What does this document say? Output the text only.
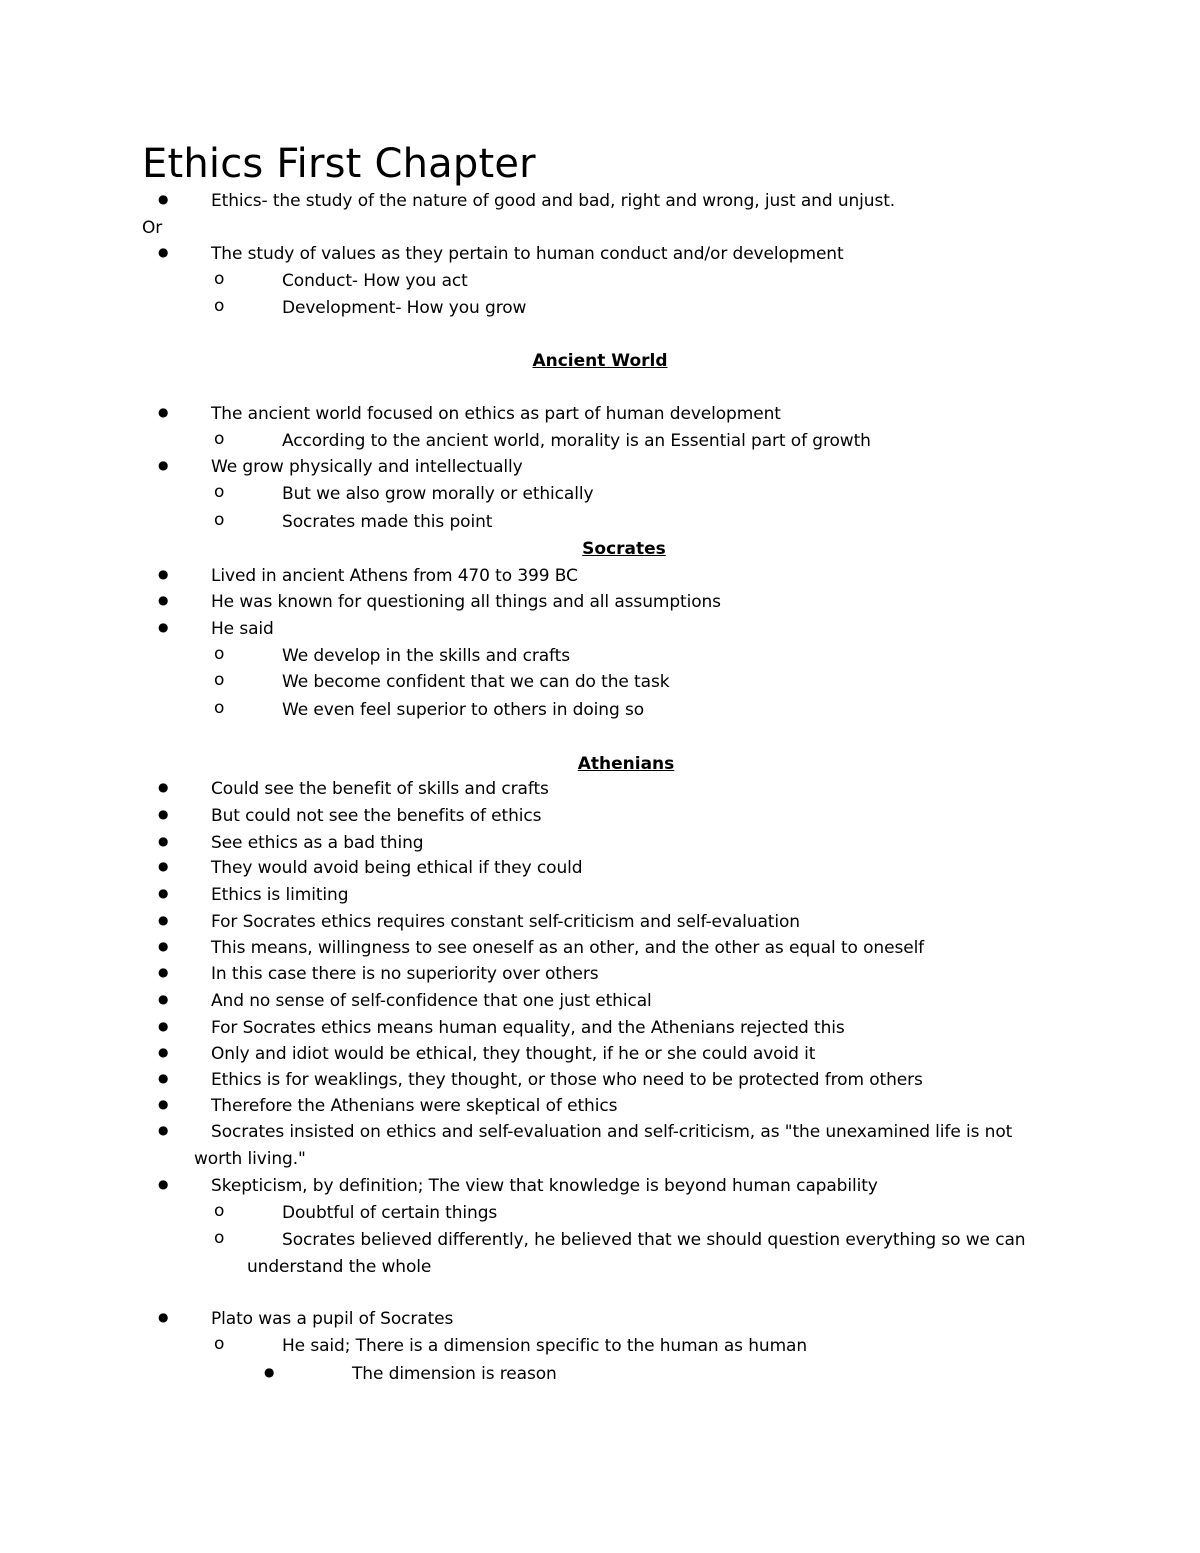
Ethics First Chapter
●	Ethics- the study of the nature of good and bad, right and wrong, just and unjust.
Or
●	The study of values as they pertain to human conduct and/or development
o	Conduct- How you act
o	Development- How you grow
Ancient World
●	The ancient world focused on ethics as part of human development
o	According to the ancient world, morality is an Essential part of growth
●	We grow physically and intellectually
o	But we also grow morally or ethically
o	Socrates made this point
Socrates
●	Lived in ancient Athens from 470 to 399 BC
●	He was known for questioning all things and all assumptions
●	He said
o	We develop in the skills and crafts
o	We become confident that we can do the task
o	We even feel superior to others in doing so
Athenians
●	Could see the benefit of skills and crafts
●	But could not see the benefits of ethics
●	See ethics as a bad thing
●	They would avoid being ethical if they could
●	Ethics is limiting
●	For Socrates ethics requires constant self-criticism and self-evaluation
●	This means, willingness to see oneself as an other, and the other as equal to oneself
●	In this case there is no superiority over others
●	And no sense of self-confidence that one just ethical
●	For Socrates ethics means human equality, and the Athenians rejected this
●	Only and idiot would be ethical, they thought, if he or she could avoid it
●	Ethics is for weaklings, they thought, or those who need to be protected from others
●	Therefore the Athenians were skeptical of ethics
●	Socrates insisted on ethics and self-evaluation and self-criticism, as "the unexamined life is not
worth living."
●	Skepticism, by definition; The view that knowledge is beyond human capability
o	Doubtful of certain things
o	Socrates believed differently, he believed that we should question everything so we can
understand the whole
●	Plato was a pupil of Socrates
o	He said; There is a dimension specific to the human as human
●	The dimension is reason
